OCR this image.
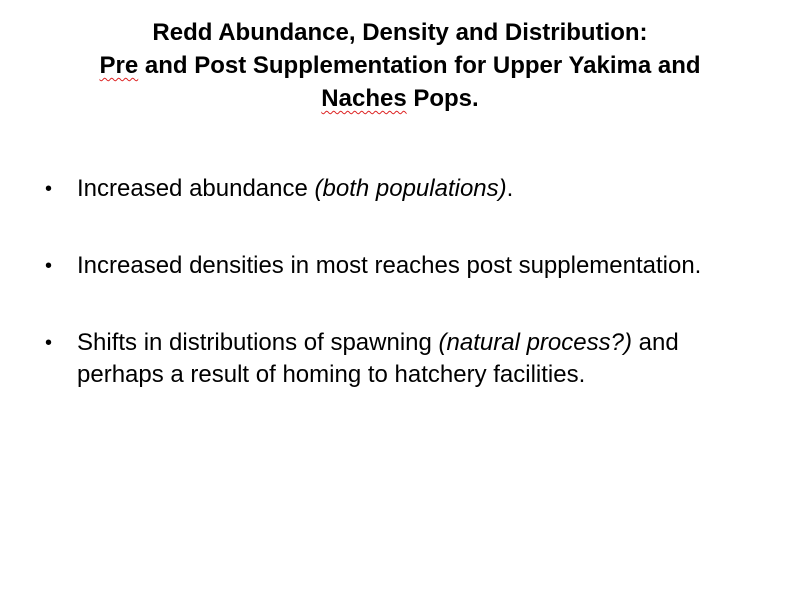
Redd Abundance, Density and Distribution:
Pre and Post Supplementation for Upper Yakima and
Naches Pops.
• Increased abundance (both populations).
• Increased densities in most reaches post supplementation.
• Shifts in distributions of spawning (natural process?) and perhaps a result of homing to hatchery facilities.
